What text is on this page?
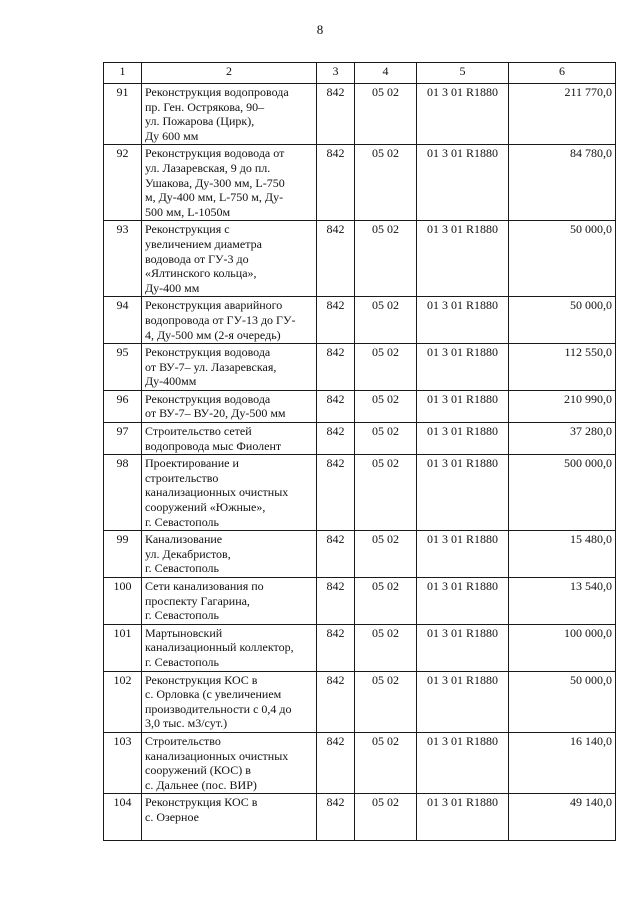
8
1	2	3	4	5	6
91	Реконструкция водопровода
пр. Ген. Острякова, 90–
ул. Пожарова (Цирк),
Ду 600 мм	842	05 02	01 3 01 R1880	211 770,0
92	Реконструкция водовода от
ул. Лазаревская, 9 до пл.
Ушакова, Ду-300 мм, L-750
м, Ду-400 мм, L-750 м, Ду-
500 мм, L-1050м	842	05 02	01 3 01 R1880	84 780,0
93	Реконструкция с
увеличением диаметра
водовода от ГУ-3 до
«Ялтинского кольца»,
Ду-400 мм	842	05 02	01 3 01 R1880	50 000,0
94	Реконструкция аварийного
водопровода от ГУ-13 до ГУ-
4, Ду-500 мм (2-я очередь)	842	05 02	01 3 01 R1880	50 000,0
95	Реконструкция водовода
от ВУ-7– ул. Лазаревская,
Ду-400мм	842	05 02	01 3 01 R1880	112 550,0
96	Реконструкция водовода
от ВУ-7– ВУ-20, Ду-500 мм	842	05 02	01 3 01 R1880	210 990,0
97	Строительство сетей
водопровода мыс Фиолент	842	05 02	01 3 01 R1880	37 280,0
98	Проектирование и
строительство
канализационных очистных
сооружений «Южные»,
г. Севастополь	842	05 02	01 3 01 R1880	500 000,0
99	Канализование
ул. Декабристов,
г. Севастополь	842	05 02	01 3 01 R1880	15 480,0
100	Сети канализования по
проспекту Гагарина,
г. Севастополь	842	05 02	01 3 01 R1880	13 540,0
101	Мартыновский
канализационный коллектор,
г. Севастополь	842	05 02	01 3 01 R1880	100 000,0
102	Реконструкция КОС в
с. Орловка (с увеличением
производительности с 0,4 до
3,0 тыс. м3/сут.)	842	05 02	01 3 01 R1880	50 000,0
103	Строительство
канализационных очистных
сооружений (КОС) в
с. Дальнее (пос. ВИР)	842	05 02	01 3 01 R1880	16 140,0
104	Реконструкция КОС в
с. Озерное	842	05 02	01 3 01 R1880	49 140,0
